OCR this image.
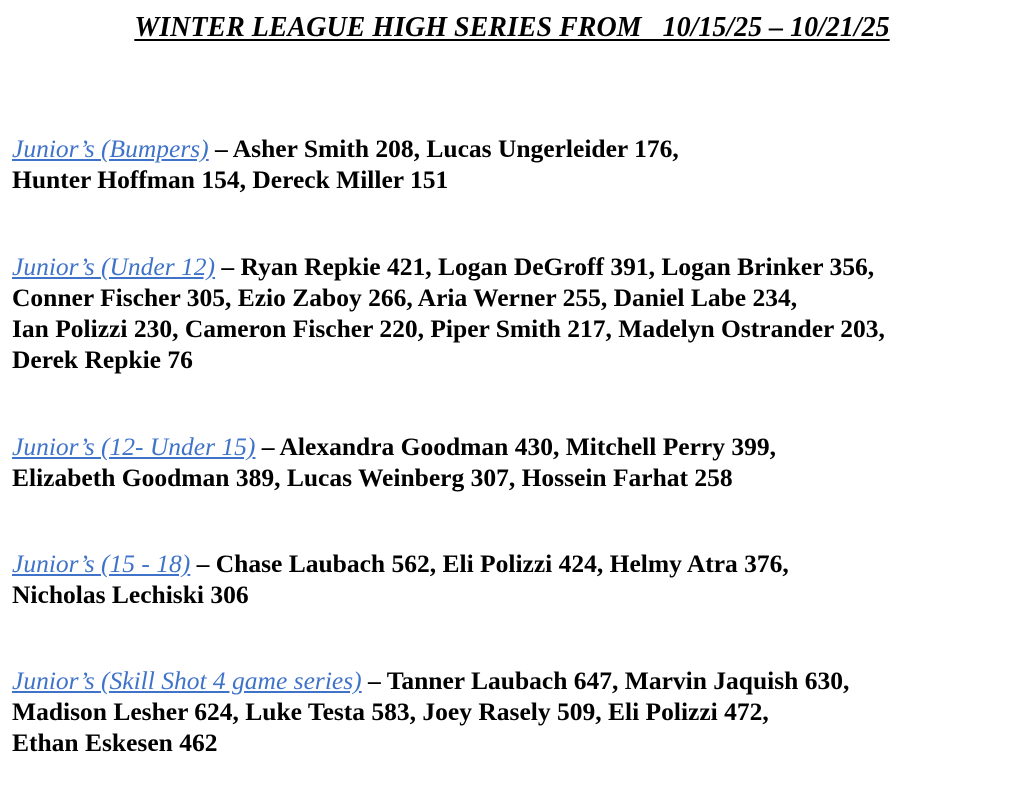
WINTER LEAGUE HIGH SERIES FROM   10/15/25 – 10/21/25

Junior’s (Bumpers) – Asher Smith 208, Lucas Ungerleider 176,
Hunter Hoffman 154, Dereck Miller 151

Junior’s (Under 12) – Ryan Repkie 421, Logan DeGroff 391, Logan Brinker 356,
Conner Fischer 305, Ezio Zaboy 266, Aria Werner 255, Daniel Labe 234,
Ian Polizzi 230, Cameron Fischer 220, Piper Smith 217, Madelyn Ostrander 203,
Derek Repkie 76

Junior’s (12- Under 15) – Alexandra Goodman 430, Mitchell Perry 399,
Elizabeth Goodman 389, Lucas Weinberg 307, Hossein Farhat 258

Junior’s (15 - 18) – Chase Laubach 562, Eli Polizzi 424, Helmy Atra 376,
Nicholas Lechiski 306

Junior’s (Skill Shot 4 game series) – Tanner Laubach 647, Marvin Jaquish 630,
Madison Lesher 624, Luke Testa 583, Joey Rasely 509, Eli Polizzi 472,
Ethan Eskesen 462
